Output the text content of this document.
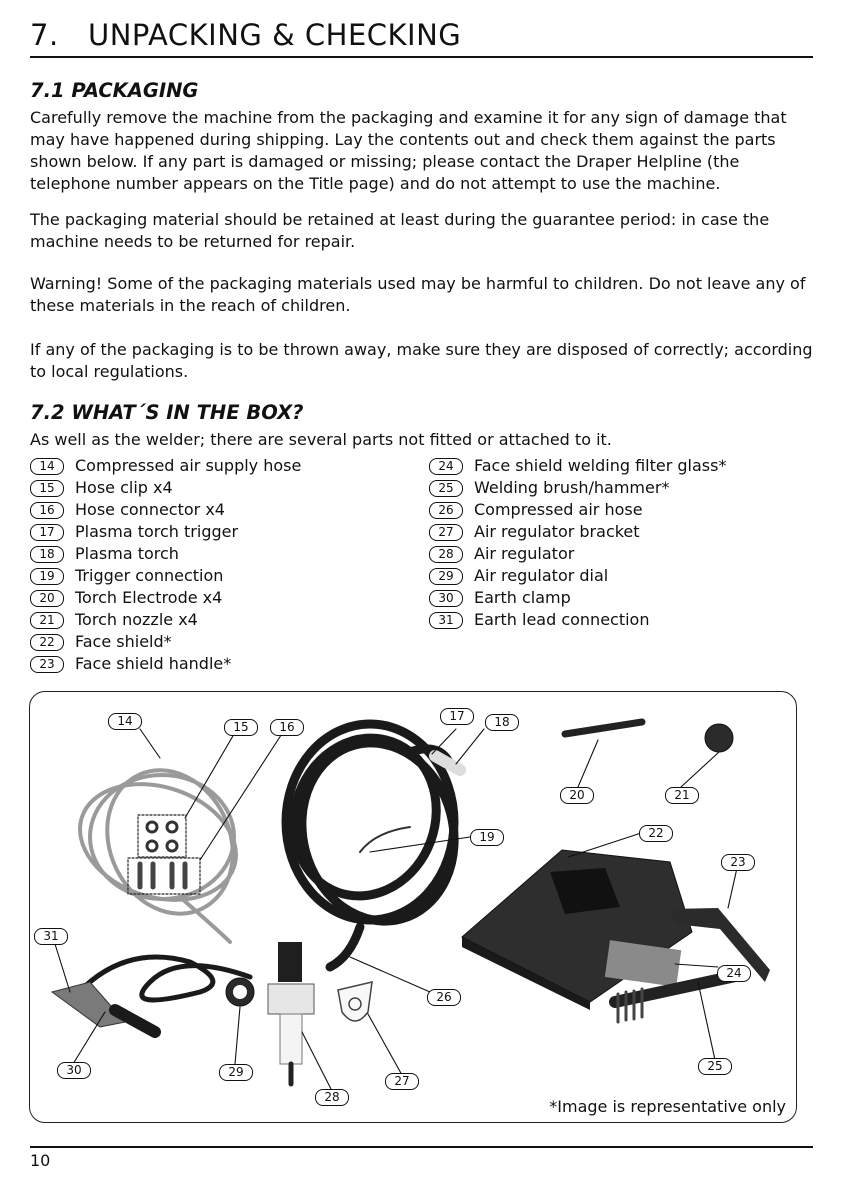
7. UNPACKING & CHECKING
7.1 PACKAGING

Carefully remove the machine from the packaging and examine it for any sign of damage that may have happened during shipping. Lay the contents out and check them against the parts shown below. If any part is damaged or missing; please contact the Draper Helpline (the telephone number appears on the Title page) and do not attempt to use the machine.

The packaging material should be retained at least during the guarantee period: in case the machine needs to be returned for repair.

Warning! Some of the packaging materials used may be harmful to children. Do not leave any of these materials in the reach of children.

If any of the packaging is to be thrown away, make sure they are disposed of correctly; according to local regulations.

7.2 WHAT´S IN THE BOX?

As well as the welder; there are several parts not fitted or attached to it.

14	Compressed air supply hose
15	Hose clip x4
16	Hose connector x4
17	Plasma torch trigger
18	Plasma torch
19	Trigger connection
20	Torch Electrode x4
21	Torch nozzle x4
22	Face shield*
23	Face shield handle*
24	Face shield welding filter glass*
25	Welding brush/hammer*
26	Compressed air hose
27	Air regulator bracket
28	Air regulator
29	Air regulator dial
30	Earth clamp
31	Earth lead connection
14	15	16
17	18
19
20	21
22
23
24
25
26
27
28
29
30
31
*Image is representative only
10
